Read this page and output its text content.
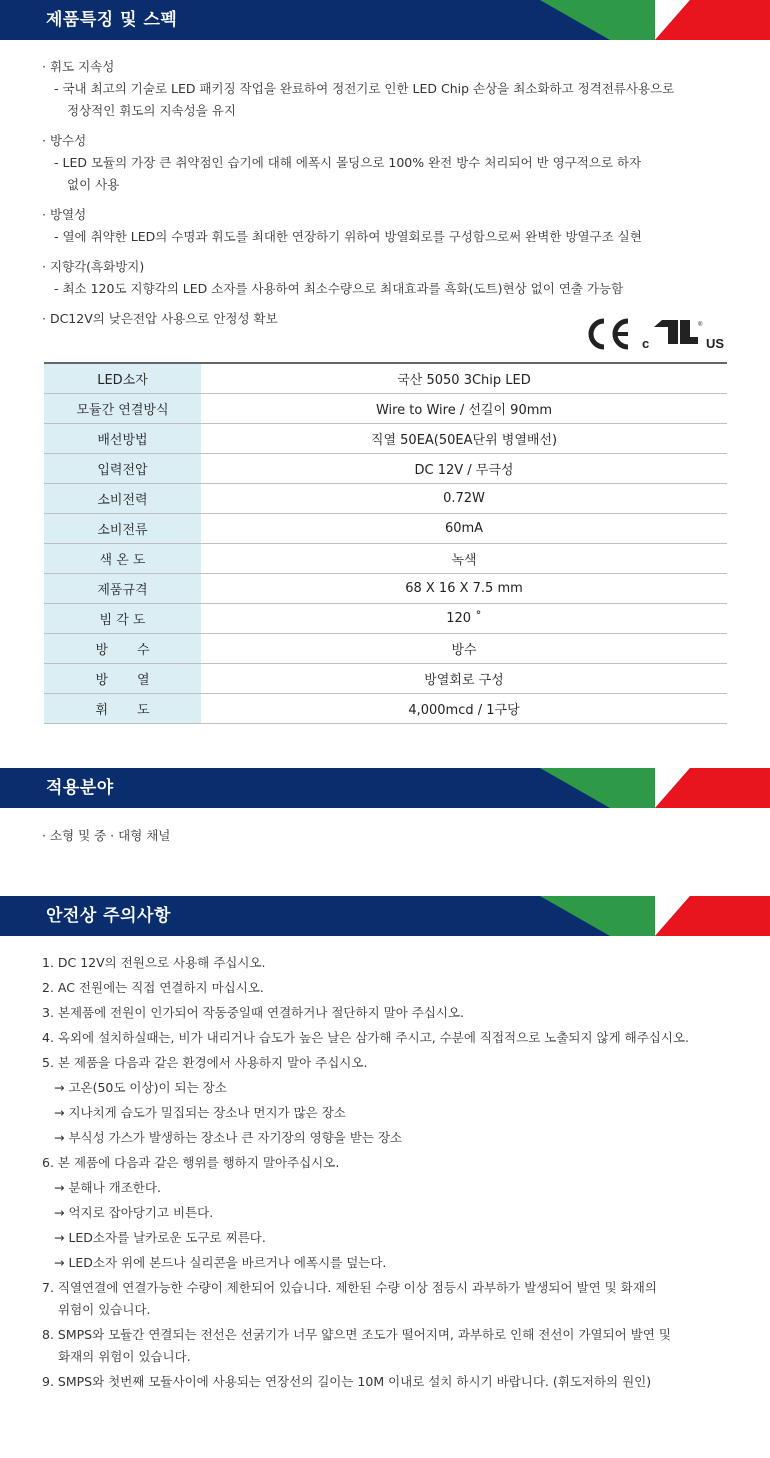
제품특징 및 스펙
· 휘도 지속성
- 국내 최고의 기술로 LED 패키징 작업을 완료하여 정전기로 인한 LED Chip 손상을 최소화하고 정격전류사용으로
정상적인 휘도의 지속성을 유지
· 방수성
- LED 모듈의 가장 큰 취약점인 습기에 대해 에폭시 몰딩으로 100% 완전 방수 처리되어 반 영구적으로 하자
없이 사용
· 방열성
- 열에 취약한 LED의 수명과 휘도를 최대한 연장하기 위하여 방열회로를 구성함으로써 완벽한 방열구조 실현
· 지향각(흑화방지)
- 최소 120도 지향각의 LED 소자를 사용하여 최소수량으로 최대효과를 흑화(도트)현상 없이 연출 가능함
· DC12V의 낮은전압 사용으로 안정성 확보
c
®
US
LED소자	국산 5050 3Chip LED
모듈간 연결방식	Wire to Wire / 선길이 90mm
배선방법	직열 50EA(50EA단위 병열배선)
입력전압	DC 12V / 무극성
소비전력	0.72W
소비전류	60mA
색 온 도	녹색
제품규격	68 X 16 X 7.5 mm
빔 각 도	120 ˚
방       수	방수
방       열	방열회로 구성
휘       도	4,000mcd / 1구당
적용분야
· 소형 및 중 · 대형 채널
안전상 주의사항
1. DC 12V의 전원으로 사용해 주십시오.
2. AC 전원에는 직접 연결하지 마십시오.
3. 본제품에 전원이 인가되어 작동중일때 연결하거나 절단하지 말아 주십시오.
4. 옥외에 설치하실때는, 비가 내리거나 습도가 높은 날은 삼가해 주시고, 수분에 직접적으로 노출되지 않게 해주십시오.
5. 본 제품을 다음과 같은 환경에서 사용하지 말아 주십시오.
→ 고온(50도 이상)이 되는 장소
→ 지나치게 습도가 밀집되는 장소나 먼지가 많은 장소
→ 부식성 가스가 발생하는 장소나 큰 자기장의 영향을 받는 장소
6. 본 제품에 다음과 같은 행위를 행하지 말아주십시오.
→ 분해나 개조한다.
→ 억지로 잡아당기고 비튼다.
→ LED소자를 날카로운 도구로 찌른다.
→ LED소자 위에 본드나 실리콘을 바르거나 에폭시를 덮는다.
7. 직열연결에 연결가능한 수량이 제한되어 있습니다. 제한된 수량 이상 점등시 과부하가 발생되어 발연 및 화재의
위험이 있습니다.
8. SMPS와 모듈간 연결되는 전선은 선굵기가 너무 얇으면 조도가 떨어지며, 과부하로 인해 전선이 가열되어 발연 및
화재의 위험이 있습니다.
9. SMPS와 첫번째 모듈사이에 사용되는 연장선의 길이는 10M 이내로 설치 하시기 바랍니다. (휘도저하의 원인)
